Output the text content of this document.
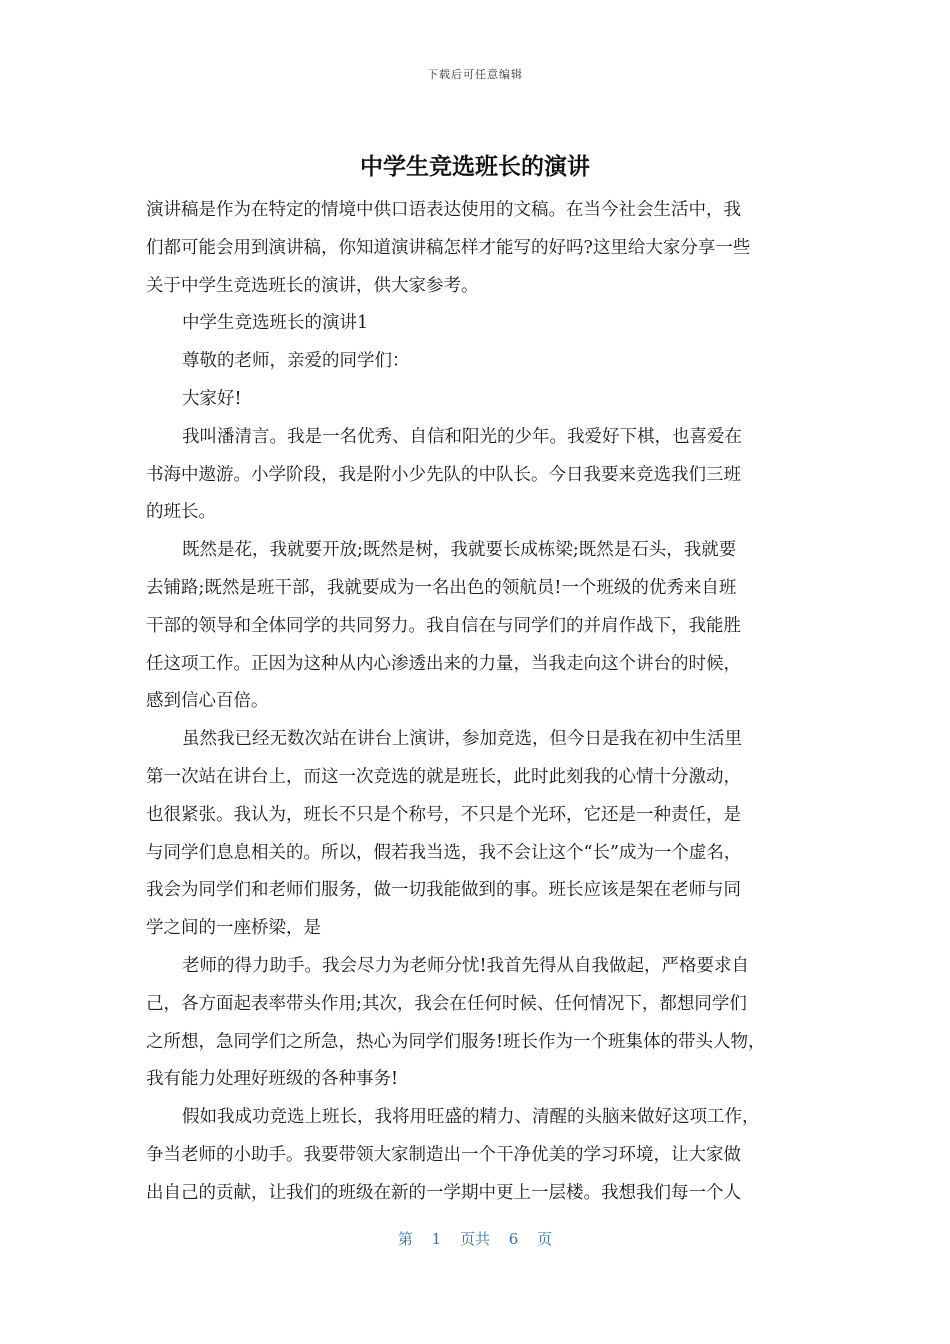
下载后可任意编辑
中学生竞选班长的演讲
演讲稿是作为在特定的情境中供口语表达使用的文稿。在当今社会生活中，我
们都可能会用到演讲稿，你知道演讲稿怎样才能写的好吗?这里给大家分享一些
关于中学生竞选班长的演讲，供大家参考。
中学生竞选班长的演讲1
尊敬的老师，亲爱的同学们：
大家好!
我叫潘清言。我是一名优秀、自信和阳光的少年。我爱好下棋，也喜爱在
书海中遨游。小学阶段，我是附小少先队的中队长。今日我要来竞选我们三班
的班长。
既然是花，我就要开放;既然是树，我就要长成栋梁;既然是石头，我就要
去铺路;既然是班干部，我就要成为一名出色的领航员!一个班级的优秀来自班
干部的领导和全体同学的共同努力。我自信在与同学们的并肩作战下，我能胜
任这项工作。正因为这种从内心渗透出来的力量，当我走向这个讲台的时候，
感到信心百倍。
虽然我已经无数次站在讲台上演讲，参加竞选，但今日是我在初中生活里
第一次站在讲台上，而这一次竞选的就是班长，此时此刻我的心情十分激动，
也很紧张。我认为，班长不只是个称号，不只是个光环，它还是一种责任，是
与同学们息息相关的。所以，假若我当选，我不会让这个“长”成为一个虚名，
我会为同学们和老师们服务，做一切我能做到的事。班长应该是架在老师与同
学之间的一座桥梁，是
老师的得力助手。我会尽力为老师分忧!我首先得从自我做起，严格要求自
己，各方面起表率带头作用;其次，我会在任何时候、任何情况下，都想同学们
之所想，急同学们之所急，热心为同学们服务!班长作为一个班集体的带头人物，
我有能力处理好班级的各种事务!
假如我成功竞选上班长，我将用旺盛的精力、清醒的头脑来做好这项工作，
争当老师的小助手。我要带领大家制造出一个干净优美的学习环境，让大家做
出自己的贡献，让我们的班级在新的一学期中更上一层楼。我想我们每一个人
第 1 页共 6 页
